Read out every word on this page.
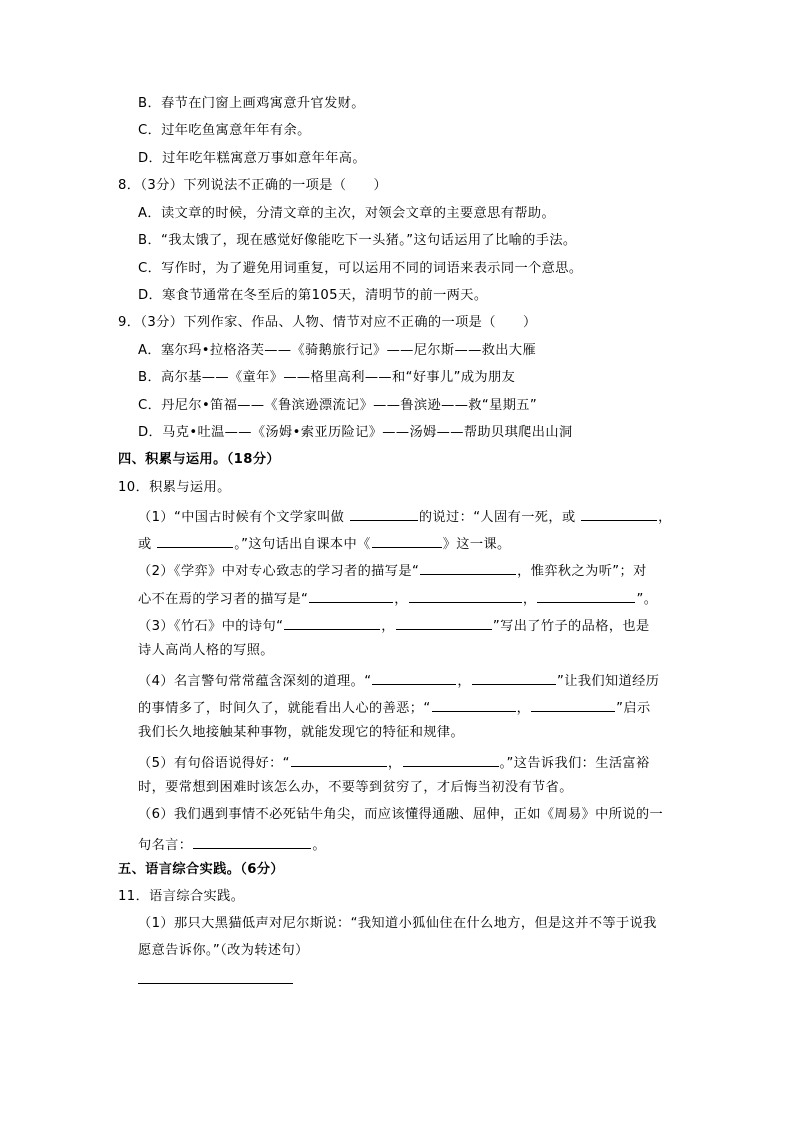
B．春节在门窗上画鸡寓意升官发财。
C．过年吃鱼寓意年年有余。
D．过年吃年糕寓意万事如意年年高。
8．（3分）下列说法不正确的一项是（　　）
A．读文章的时候，分清文章的主次，对领会文章的主要意思有帮助。
B．“我太饿了，现在感觉好像能吃下一头猪。”这句话运用了比喻的手法。
C．写作时，为了避免用词重复，可以运用不同的词语来表示同一个意思。
D．寒食节通常在冬至后的第105天，清明节的前一两天。
9．（3分）下列作家、作品、人物、情节对应不正确的一项是（　　）
A．塞尔玛•拉格洛芙——《骑鹅旅行记》——尼尔斯——救出大雁
B．高尔基——《童年》——格里高利——和“好事儿”成为朋友
C．丹尼尔•笛福——《鲁滨逊漂流记》——鲁滨逊——救“星期五”
D．马克•吐温——《汤姆•索亚历险记》——汤姆——帮助贝琪爬出山洞
四、积累与运用。（18分）
10．积累与运用。
（1）“中国古时候有个文学家叫做	的说过：“人固有一死，或	，
或	。”这句话出自课本中《	》这一课。
（2）《学弈》中对专心致志的学习者的描写是“	，惟弈秋之为听”；对
心不在焉的学习者的描写是“	，	，	”。
（3）《竹石》中的诗句“	，	”写出了竹子的品格，也是
诗人高尚人格的写照。
（4）名言警句常常蕴含深刻的道理。“	，	”让我们知道经历
的事情多了，时间久了，就能看出人心的善恶；“	，	”启示
我们长久地接触某种事物，就能发现它的特征和规律。
（5）有句俗语说得好：“	，	。”这告诉我们：生活富裕
时，要常想到困难时该怎么办，不要等到贫穷了，才后悔当初没有节省。
（6）我们遇到事情不必死钻牛角尖，而应该懂得通融、屈伸，正如《周易》中所说的一
句名言：	。
五、语言综合实践。（6分）
11．语言综合实践。
（1）那只大黑猫低声对尼尔斯说：“我知道小狐仙住在什么地方，但是这并不等于说我
愿意告诉你。”（改为转述句）
